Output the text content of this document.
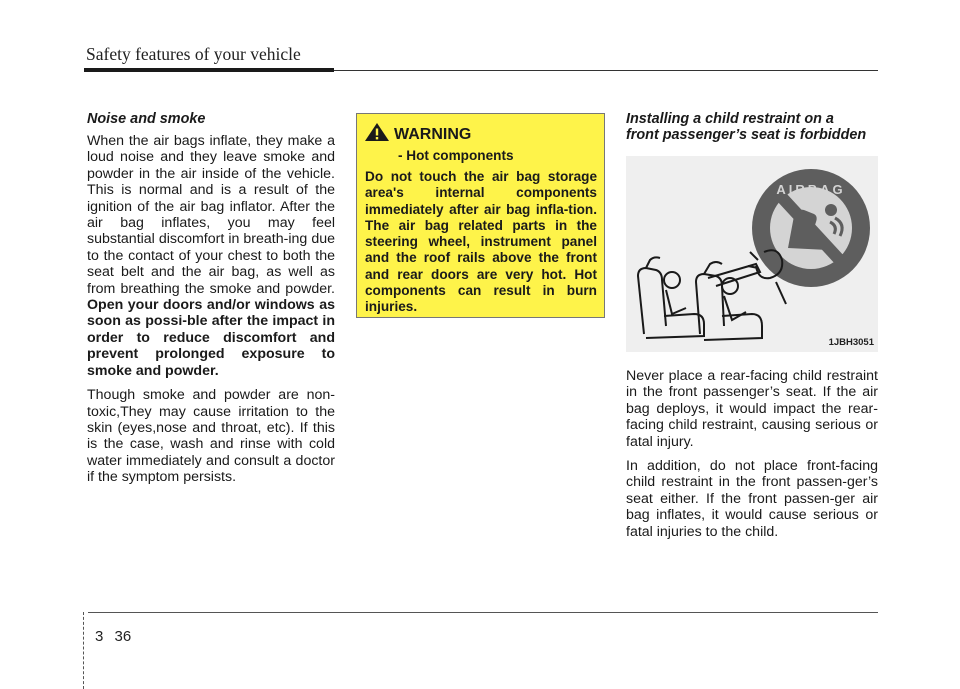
Safety features of your vehicle
Noise and smoke

When the air bags inflate, they make a loud noise and they leave smoke and powder in the air inside of the vehicle. This is normal and is a result of the ignition of the air bag inflator. After the air bag inflates, you may feel substantial discomfort in breath-ing due to the contact of your chest to both the seat belt and the air bag, as well as from breathing the smoke and powder. Open your doors and/or windows as soon as possi-ble after the impact in order to reduce discomfort and prevent prolonged exposure to smoke and powder.

Though smoke and powder are non-toxic,They may cause irritation to the skin (eyes,nose and throat, etc). If this is the case, wash and rinse with cold water immediately and consult a doctor if the symptom persists.

WARNING
- Hot components
Do not touch the air bag storage area's internal components immediately after air bag infla-tion. The air bag related parts in the steering wheel, instrument panel and the roof rails above the front and rear doors are very hot. Hot components can result in burn injuries.
Installing a child restraint on a
front passenger’s seat is forbidden
AIRBAG
1JBH3051

Never place a rear-facing child restraint in the front passenger’s seat. If the air bag deploys, it would impact the rear-facing child restraint, causing serious or fatal injury.

In addition, do not place front-facing child restraint in the front passen-ger’s seat either. If the front passen-ger air bag inflates, it would cause serious or fatal injuries to the child.

3 36
